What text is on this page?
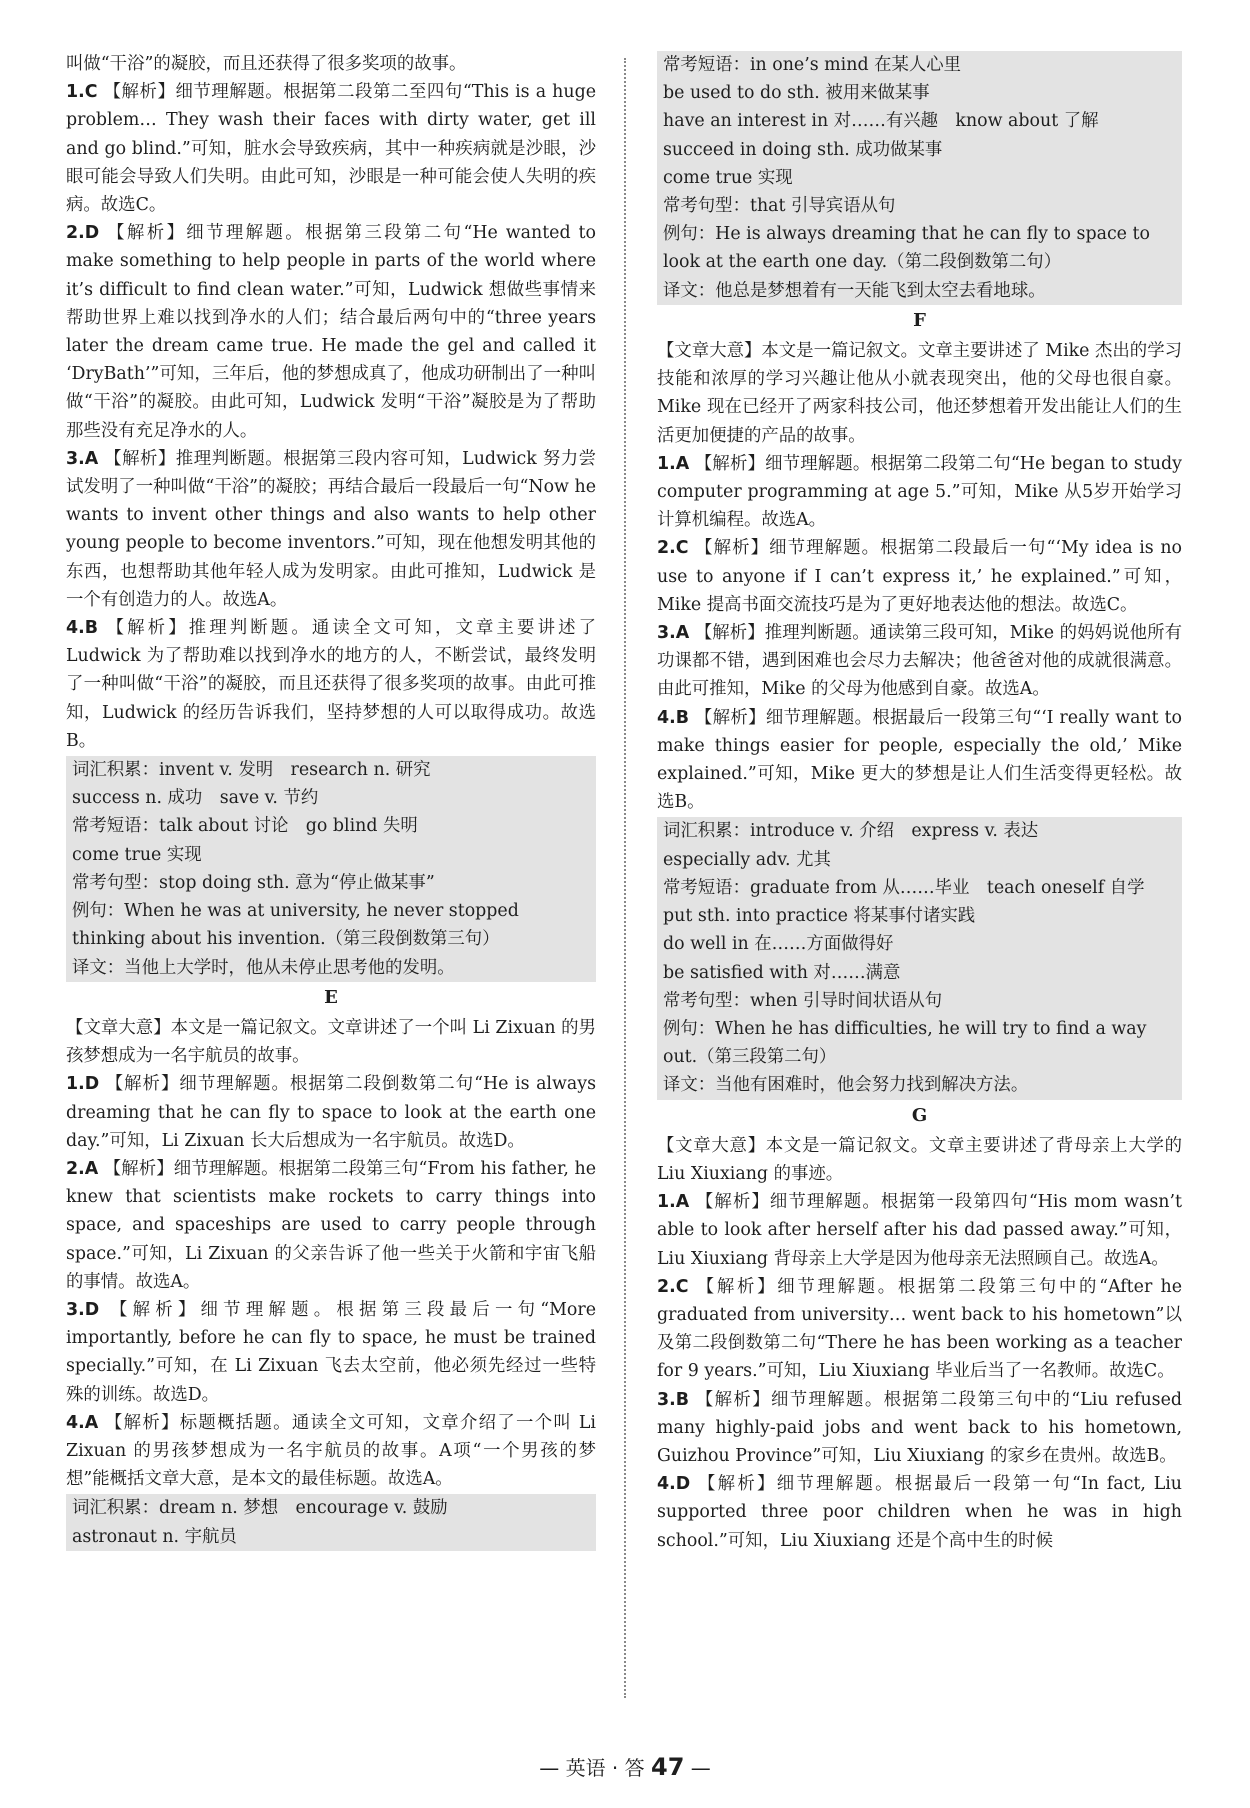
叫做“干浴”的凝胶，而且还获得了很多奖项的故事。
1.C 【解析】细节理解题。根据第二段第二至四句“This is a huge problem… They wash their faces with dirty water, get ill and go blind.”可知，脏水会导致疾病，其中一种疾病就是沙眼，沙眼可能会导致人们失明。由此可知，沙眼是一种可能会使人失明的疾病。故选C。
2.D 【解析】细节理解题。根据第三段第二句“He wanted to make something to help people in parts of the world where it’s difficult to find clean water.”可知，Ludwick 想做些事情来帮助世界上难以找到净水的人们；结合最后两句中的“three years later the dream came true. He made the gel and called it ‘DryBath’”可知，三年后，他的梦想成真了，他成功研制出了一种叫做“干浴”的凝胶。由此可知，Ludwick 发明“干浴”凝胶是为了帮助那些没有充足净水的人。
3.A 【解析】推理判断题。根据第三段内容可知，Ludwick 努力尝试发明了一种叫做“干浴”的凝胶；再结合最后一段最后一句“Now he wants to invent other things and also wants to help other young people to become inventors.”可知，现在他想发明其他的东西，也想帮助其他年轻人成为发明家。由此可推知，Ludwick 是一个有创造力的人。故选A。
4.B 【解析】推理判断题。通读全文可知，文章主要讲述了 Ludwick 为了帮助难以找到净水的地方的人，不断尝试，最终发明了一种叫做“干浴”的凝胶，而且还获得了很多奖项的故事。由此可推知，Ludwick 的经历告诉我们，坚持梦想的人可以取得成功。故选B。
词汇积累：invent v. 发明　research n. 研究
success n. 成功　save v. 节约
常考短语：talk about 讨论　go blind 失明
come true 实现
常考句型：stop doing sth. 意为“停止做某事”
例句：When he was at university, he never stopped thinking about his invention.（第三段倒数第三句）
译文：当他上大学时，他从未停止思考他的发明。
E
【文章大意】本文是一篇记叙文。文章讲述了一个叫 Li Zixuan 的男孩梦想成为一名宇航员的故事。
1.D 【解析】细节理解题。根据第二段倒数第二句“He is always dreaming that he can fly to space to look at the earth one day.”可知，Li Zixuan 长大后想成为一名宇航员。故选D。
2.A 【解析】细节理解题。根据第二段第三句“From his father, he knew that scientists make rockets to carry things into space, and spaceships are used to carry people through space.”可知，Li Zixuan 的父亲告诉了他一些关于火箭和宇宙飞船的事情。故选A。
3.D 【解析】细节理解题。根据第三段最后一句“More importantly, before he can fly to space, he must be trained specially.”可知，在 Li Zixuan 飞去太空前，他必须先经过一些特殊的训练。故选D。
4.A 【解析】标题概括题。通读全文可知，文章介绍了一个叫 Li Zixuan 的男孩梦想成为一名宇航员的故事。A项“一个男孩的梦想”能概括文章大意，是本文的最佳标题。故选A。
词汇积累：dream n. 梦想　encourage v. 鼓励
astronaut n. 宇航员
常考短语：in one’s mind 在某人心里
be used to do sth. 被用来做某事
have an interest in 对……有兴趣　know about 了解
succeed in doing sth. 成功做某事
come true 实现
常考句型：that 引导宾语从句
例句：He is always dreaming that he can fly to space to look at the earth one day.（第二段倒数第二句）
译文：他总是梦想着有一天能飞到太空去看地球。
F
【文章大意】本文是一篇记叙文。文章主要讲述了 Mike 杰出的学习技能和浓厚的学习兴趣让他从小就表现突出，他的父母也很自豪。Mike 现在已经开了两家科技公司，他还梦想着开发出能让人们的生活更加便捷的产品的故事。
1.A 【解析】细节理解题。根据第二段第二句“He began to study computer programming at age 5.”可知，Mike 从5岁开始学习计算机编程。故选A。
2.C 【解析】细节理解题。根据第二段最后一句“‘My idea is no use to anyone if I can’t express it,’ he explained.”可知，Mike 提高书面交流技巧是为了更好地表达他的想法。故选C。
3.A 【解析】推理判断题。通读第三段可知，Mike 的妈妈说他所有功课都不错，遇到困难也会尽力去解决；他爸爸对他的成就很满意。由此可推知，Mike 的父母为他感到自豪。故选A。
4.B 【解析】细节理解题。根据最后一段第三句“‘I really want to make things easier for people, especially the old,’ Mike explained.”可知，Mike 更大的梦想是让人们生活变得更轻松。故选B。
词汇积累：introduce v. 介绍　express v. 表达
especially adv. 尤其
常考短语：graduate from 从……毕业　teach oneself 自学
put sth. into practice 将某事付诸实践
do well in 在……方面做得好
be satisfied with 对……满意
常考句型：when 引导时间状语从句
例句：When he has difficulties, he will try to find a way out.（第三段第二句）
译文：当他有困难时，他会努力找到解决方法。
G
【文章大意】本文是一篇记叙文。文章主要讲述了背母亲上大学的 Liu Xiuxiang 的事迹。
1.A 【解析】细节理解题。根据第一段第四句“His mom wasn’t able to look after herself after his dad passed away.”可知，Liu Xiuxiang 背母亲上大学是因为他母亲无法照顾自己。故选A。
2.C 【解析】细节理解题。根据第二段第三句中的“After he graduated from university… went back to his hometown”以及第二段倒数第二句“There he has been working as a teacher for 9 years.”可知，Liu Xiuxiang 毕业后当了一名教师。故选C。
3.B 【解析】细节理解题。根据第二段第三句中的“Liu refused many highly-paid jobs and went back to his hometown, Guizhou Province”可知，Liu Xiuxiang 的家乡在贵州。故选B。
4.D 【解析】细节理解题。根据最后一段第一句“In fact, Liu supported three poor children when he was in high school.”可知，Liu Xiuxiang 还是个高中生的时候
— 英语 · 答 47 —
